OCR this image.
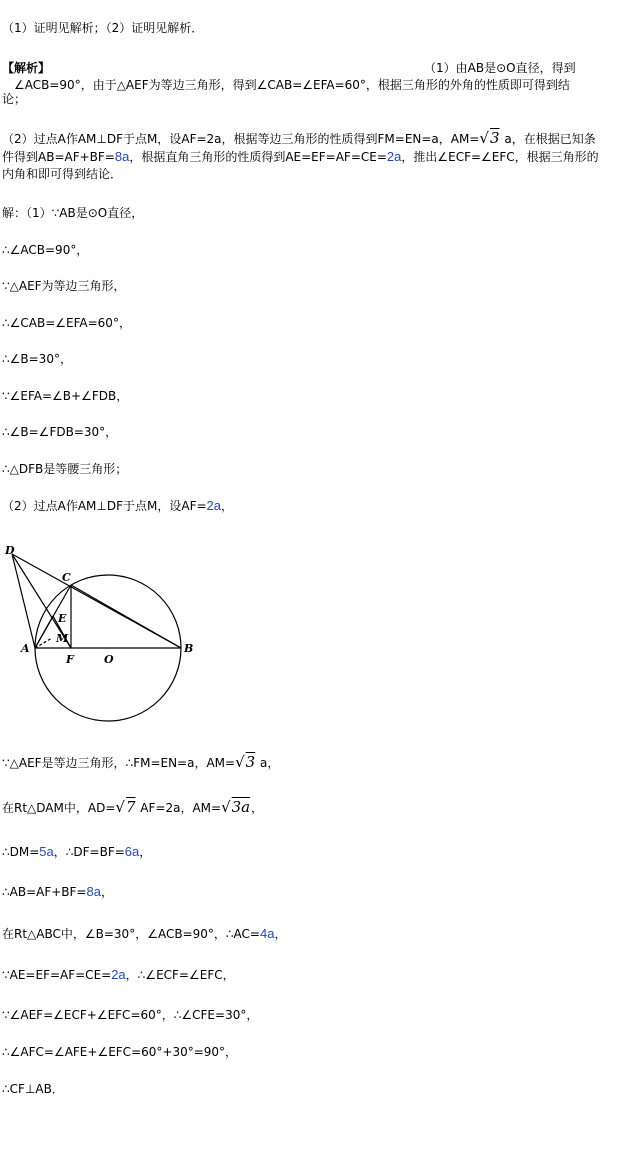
（1）证明见解析；（2）证明见解析．
【解析】	（1）由AB是⊙O直径，得到
∠ACB=90°，由于△AEF为等边三角形，得到∠CAB=∠EFA=60°，根据三角形的外角的性质即可得到结
论；
（2）过点A作AM⊥DF于点M，设AF=2a，根据等边三角形的性质得到FM=EN=a，AM=√3 a，在根据已知条
件得到AB=AF+BF=8a，根据直角三角形的性质得到AE=EF=AF=CE=2a，推出∠ECF=∠EFC，根据三角形的
内角和即可得到结论．
解：（1）∵AB是⊙O直径，
∴∠ACB=90°，
∵△AEF为等边三角形，
∴∠CAB=∠EFA=60°，
∴∠B=30°，
∵∠EFA=∠B+∠FDB，
∴∠B=∠FDB=30°，
∴△DFB是等腰三角形；
（2）过点A作AM⊥DF于点M，设AF=2a，
D
C
E
M
A
F	O
B
∵△AEF是等边三角形，∴FM=EN=a，AM=√3 a，
在Rt△DAM中，AD=√7 AF=2a，AM=√3a，
∴DM=5a，∴DF=BF=6a，
∴AB=AF+BF=8a，
在Rt△ABC中，∠B=30°，∠ACB=90°，∴AC=4a，
∵AE=EF=AF=CE=2a，∴∠ECF=∠EFC，
∵∠AEF=∠ECF+∠EFC=60°，∴∠CFE=30°，
∴∠AFC=∠AFE+∠EFC=60°+30°=90°，
∴CF⊥AB．
